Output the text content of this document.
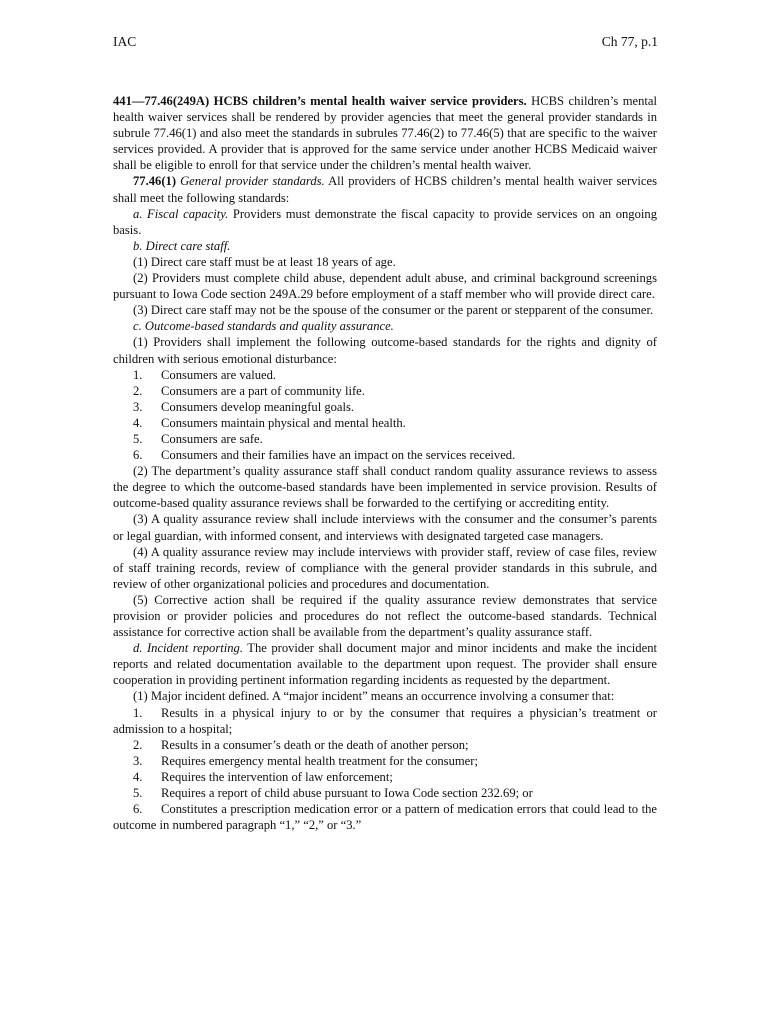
IAC	Ch 77, p.1

441—77.46(249A) HCBS children’s mental health waiver service providers. HCBS children’s mental health waiver services shall be rendered by provider agencies that meet the general provider standards in subrule 77.46(1) and also meet the standards in subrules 77.46(2) to 77.46(5) that are specific to the waiver services provided. A provider that is approved for the same service under another HCBS Medicaid waiver shall be eligible to enroll for that service under the children’s mental health waiver.

77.46(1) General provider standards. All providers of HCBS children’s mental health waiver services shall meet the following standards:

a. Fiscal capacity. Providers must demonstrate the fiscal capacity to provide services on an ongoing basis.

b. Direct care staff.

(1) Direct care staff must be at least 18 years of age.

(2) Providers must complete child abuse, dependent adult abuse, and criminal background screenings pursuant to Iowa Code section 249A.29 before employment of a staff member who will provide direct care.

(3) Direct care staff may not be the spouse of the consumer or the parent or stepparent of the consumer.

c. Outcome-based standards and quality assurance.

(1) Providers shall implement the following outcome-based standards for the rights and dignity of children with serious emotional disturbance:

1. Consumers are valued.
2. Consumers are a part of community life.
3. Consumers develop meaningful goals.
4. Consumers maintain physical and mental health.
5. Consumers are safe.
6. Consumers and their families have an impact on the services received.

(2) The department’s quality assurance staff shall conduct random quality assurance reviews to assess the degree to which the outcome-based standards have been implemented in service provision. Results of outcome-based quality assurance reviews shall be forwarded to the certifying or accrediting entity.

(3) A quality assurance review shall include interviews with the consumer and the consumer’s parents or legal guardian, with informed consent, and interviews with designated targeted case managers.

(4) A quality assurance review may include interviews with provider staff, review of case files, review of staff training records, review of compliance with the general provider standards in this subrule, and review of other organizational policies and procedures and documentation.

(5) Corrective action shall be required if the quality assurance review demonstrates that service provision or provider policies and procedures do not reflect the outcome-based standards. Technical assistance for corrective action shall be available from the department’s quality assurance staff.

d. Incident reporting. The provider shall document major and minor incidents and make the incident reports and related documentation available to the department upon request. The provider shall ensure cooperation in providing pertinent information regarding incidents as requested by the department.

(1) Major incident defined. A “major incident” means an occurrence involving a consumer that:

1. Results in a physical injury to or by the consumer that requires a physician’s treatment or admission to a hospital;

2. Results in a consumer’s death or the death of another person;
3. Requires emergency mental health treatment for the consumer;
4. Requires the intervention of law enforcement;
5. Requires a report of child abuse pursuant to Iowa Code section 232.69; or

6. Constitutes a prescription medication error or a pattern of medication errors that could lead to the outcome in numbered paragraph “1,” “2,” or “3.”
